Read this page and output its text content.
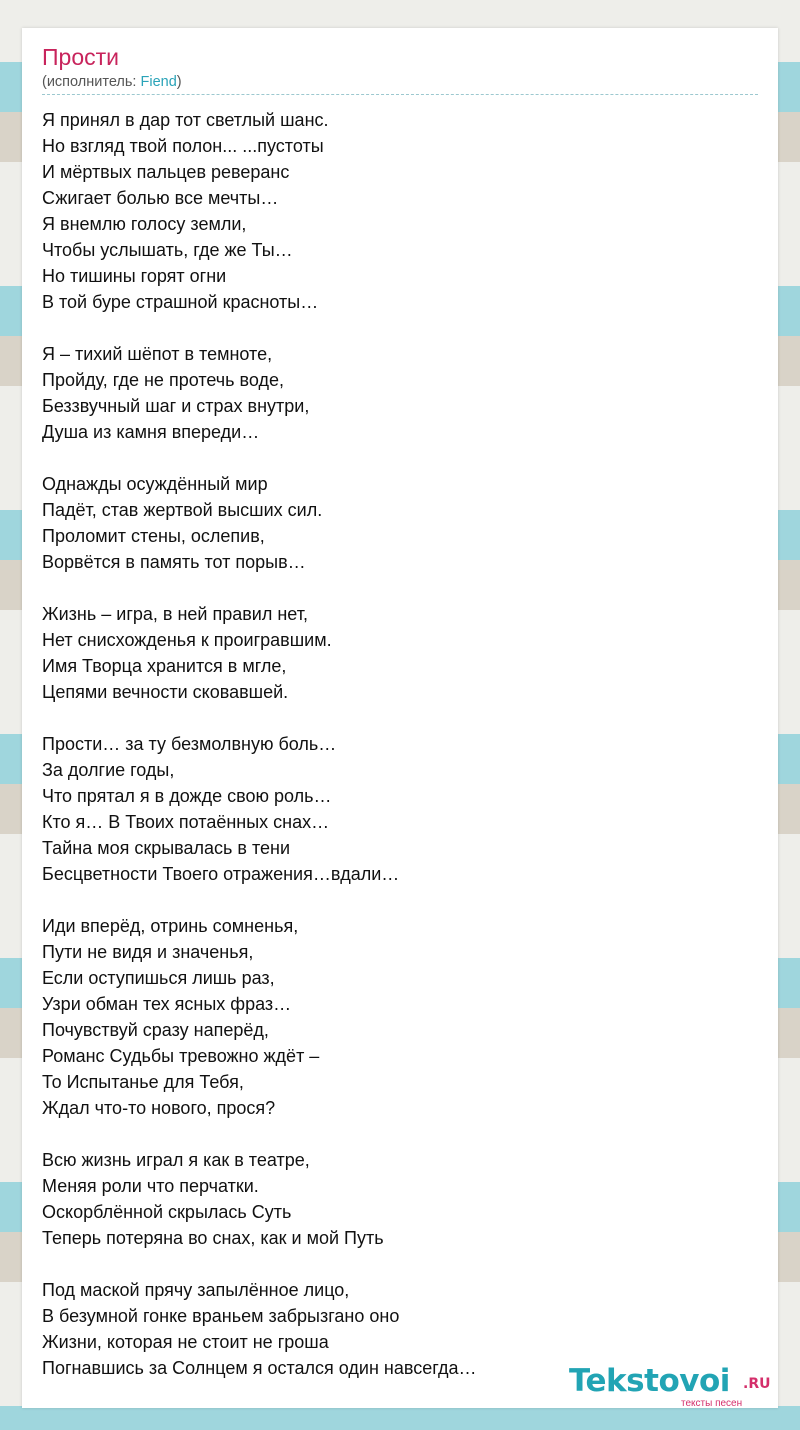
Прости
(исполнитель: Fiend)
Я принял в дар тот светлый шанс.
Но взгляд твой полон... ...пустоты
И мёртвых пальцев реверанс
Сжигает болью все мечты…
Я внемлю голосу земли,
Чтобы услышать, где же Ты…
Но тишины горят огни
В той буре страшной красноты…
Я – тихий шёпот в темноте,
Пройду, где не протечь воде,
Беззвучный шаг и страх внутри,
Душа из камня впереди…
Однажды осуждённый мир
Падёт, став жертвой высших сил.
Проломит стены, ослепив,
Ворвётся в память тот порыв…
Жизнь – игра, в ней правил нет,
Нет снисхожденья к проигравшим.
Имя Творца хранится в мгле,
Цепями вечности сковавшей.
Прости… за ту безмолвную боль…
За долгие годы,
Что прятал я в дожде свою роль…
Кто я… В Твоих потаённых снах…
Тайна моя скрывалась в тени
Бесцветности Твоего отражения…вдали…
Иди вперёд, отринь сомненья,
Пути не видя и значенья,
Если оступишься лишь раз,
Узри обман тех ясных фраз…
Почувствуй сразу наперёд,
Романс Судьбы тревожно ждёт –
То Испытанье для Тебя,
Ждал что-то нового, прося?
Всю жизнь играл я как в театре,
Меняя роли что перчатки.
Оскорблённой скрылась Суть
Теперь потеряна во снах, как и мой Путь
Под маской прячу запылённое лицо,
В безумной гонке враньем забрызгано оно
Жизни, которая не стоит не гроша
Погнавшись за Солнцем я остался один навсегда…	Tekstovoi .RU
тексты песен
